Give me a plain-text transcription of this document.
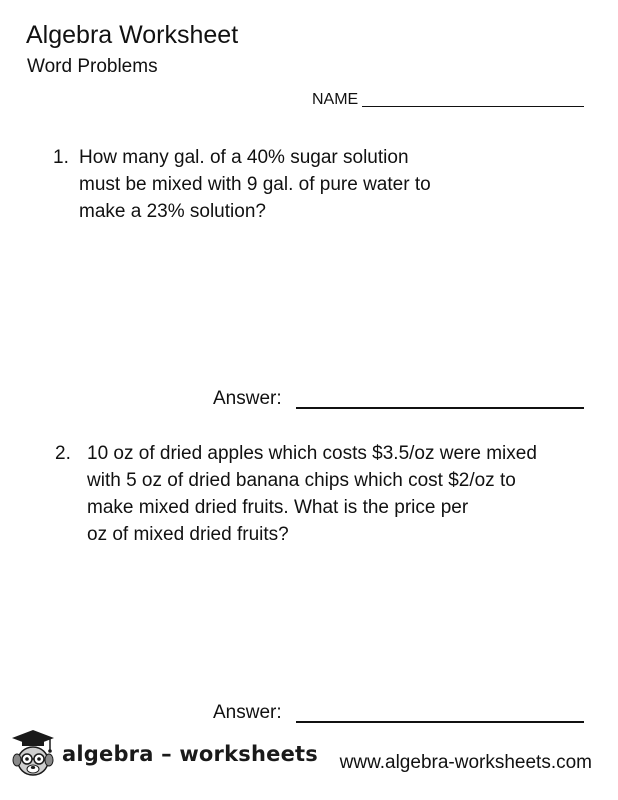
Algebra Worksheet
Word Problems
NAME
1. How many gal. of a 40% sugar solution
must be mixed with 9 gal. of pure water to
make a 23% solution?
Answer:
2. 10 oz of dried apples which costs $3.5/oz were mixed
with 5 oz of dried banana chips which cost $2/oz to
make mixed dried fruits. What is the price per
oz of mixed dried fruits?
Answer:
algebra – worksheets www.algebra-worksheets.com
